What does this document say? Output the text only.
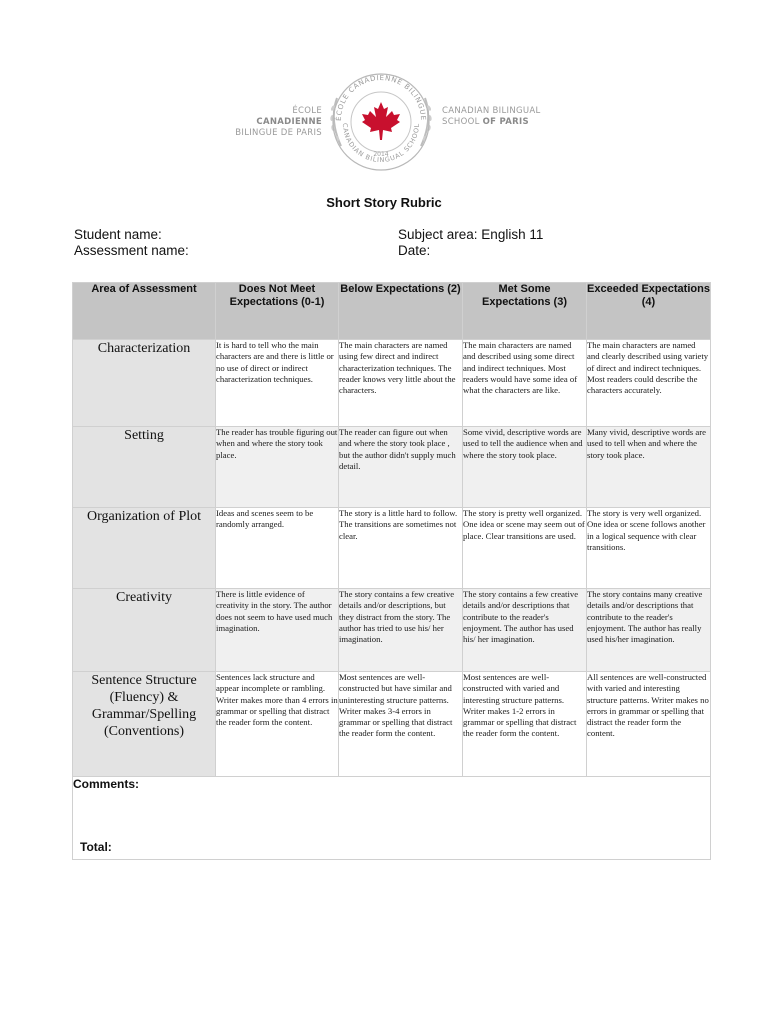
ÉCOLE CANADIENNE
BILINGUE DE PARIS
ÉCOLE CANADIENNE BILINGUE
CANADIAN BILINGUAL SCHOOL
2014
CANADIAN BILINGUAL
SCHOOL OF PARIS
Short Story Rubric
Student name:
Assessment name:
Subject area: English 11
Date:
Area of Assessment	Does Not Meet Expectations (0-1)	Below Expectations (2)	Met Some Expectations (3)	Exceeded Expectations (4)
Characterization	It is hard to tell who the main characters are and there is little or no use of direct or indirect characterization techniques.	The main characters are named using few direct and indirect characterization techniques. The reader knows very little about the characters.	The main characters are named and described using some direct and indirect techniques. Most readers would have some idea of what the characters are like.	The main characters are named and clearly described using variety of direct and indirect techniques. Most readers could describe the characters accurately.
Setting	The reader has trouble figuring out when and where the story took place.	The reader can figure out when and where the story took place , but the author didn't supply much detail.	Some vivid, descriptive words are used to tell the audience when and where the story took place.	Many vivid, descriptive words are used to tell when and where the story took place.
Organization of Plot	Ideas and scenes seem to be randomly arranged.	The story is a little hard to follow. The transitions are sometimes not clear.	The story is pretty well organized. One idea or scene may seem out of place. Clear transitions are used.	The story is very well organized. One idea or scene follows another in a logical sequence with clear transitions.
Creativity	There is little evidence of creativity in the story. The author does not seem to have used much imagination.	The story contains a few creative details and/or descriptions, but they distract from the story. The author has tried to use his/ her imagination.	The story contains a few creative details and/or descriptions that contribute to the reader's enjoyment. The author has used his/ her imagination.	The story contains many creative details and/or descriptions that contribute to the reader's enjoyment. The author has really used his/her imagination.
Sentence Structure (Fluency) & Grammar/Spelling (Conventions)	Sentences lack structure and appear incomplete or rambling. Writer makes more than 4 errors in grammar or spelling that distract the reader form the content.	Most sentences are well-constructed but have similar and uninteresting structure patterns. Writer makes 3-4 errors in grammar or spelling that distract the reader form the content.	Most sentences are well-constructed with varied and interesting structure patterns. Writer makes 1-2 errors in grammar or spelling that distract the reader form the content.	All sentences are well-constructed with varied and interesting structure patterns. Writer makes no errors in grammar or spelling that distract the reader form the content.

Comments:
Total:				
